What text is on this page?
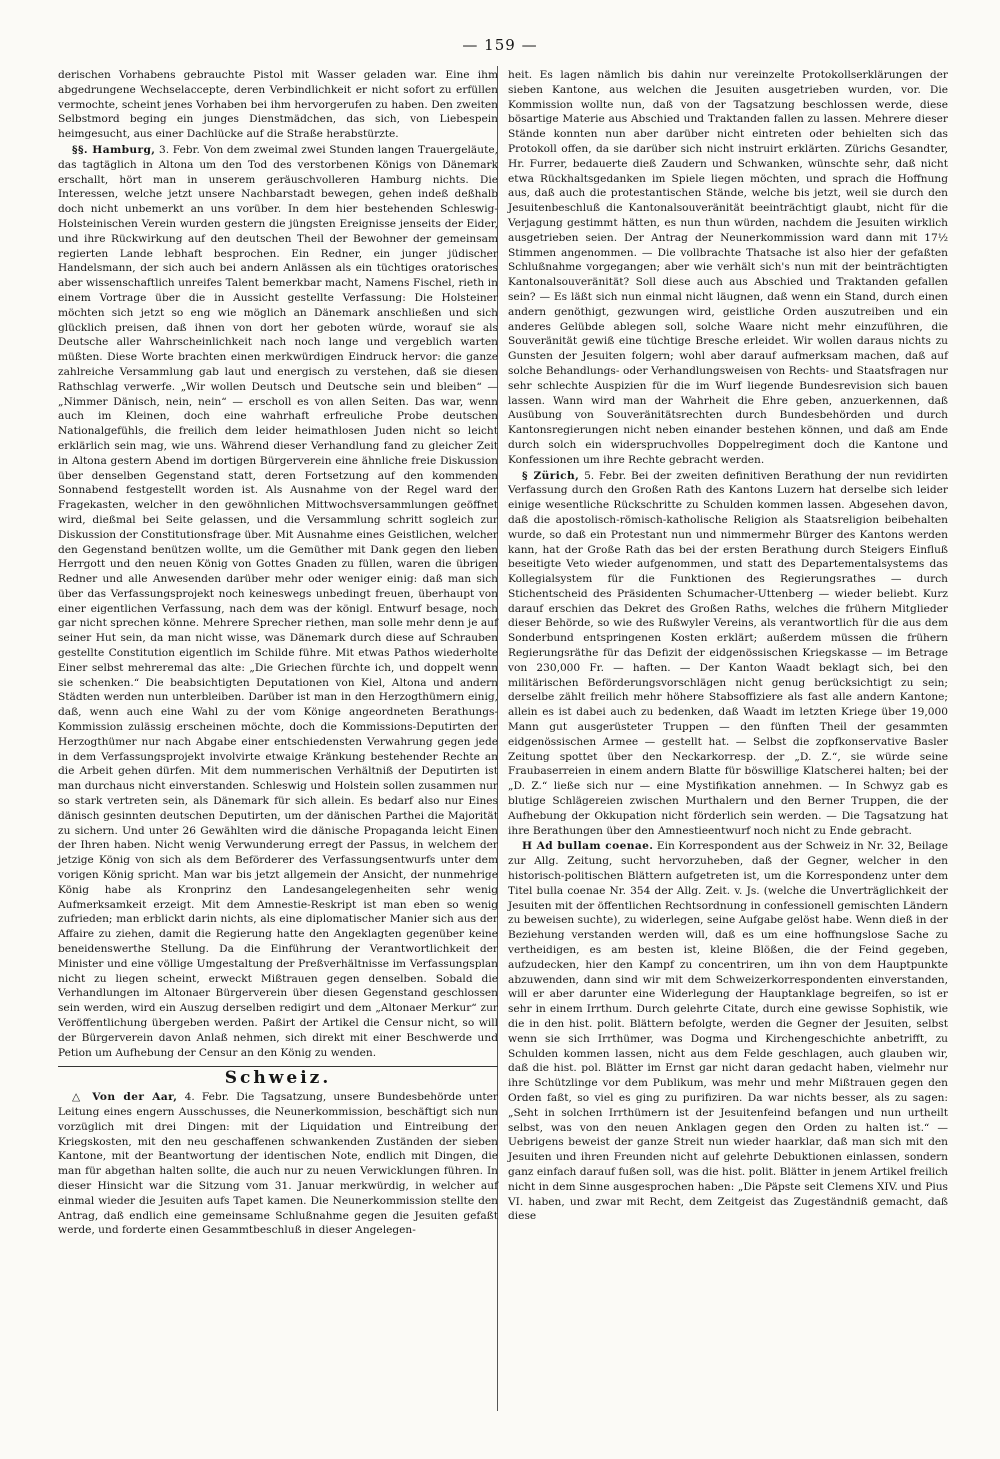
— 159 —

derischen Vorhabens gebrauchte Pistol mit Wasser geladen war. Eine ihm abgedrungene Wechselaccepte, deren Verbindlichkeit er nicht sofort zu erfüllen vermochte, scheint jenes Vorhaben bei ihm hervorgerufen zu haben. Den zweiten Selbstmord beging ein junges Dienstmädchen, das sich, von Liebespein heimgesucht, aus einer Dachlücke auf die Straße herabstürzte.

§§. Hamburg, 3. Febr. Von dem zweimal zwei Stunden langen Trauergeläute, das tagtäglich in Altona um den Tod des verstorbenen Königs von Dänemark erschallt, hört man in unserem geräuschvolleren Hamburg nichts. Die Interessen, welche jetzt unsere Nachbarstadt bewegen, gehen indeß deßhalb doch nicht unbemerkt an uns vorüber. In dem hier bestehenden Schleswig-Holsteinischen Verein wurden gestern die jüngsten Ereignisse jenseits der Eider, und ihre Rückwirkung auf den deutschen Theil der Bewohner der gemeinsam regierten Lande lebhaft besprochen. Ein Redner, ein junger jüdischer Handelsmann, der sich auch bei andern Anlässen als ein tüchtiges oratorisches aber wissenschaftlich unreifes Talent bemerkbar macht, Namens Fischel, rieth in einem Vortrage über die in Aussicht gestellte Verfassung: Die Holsteiner möchten sich jetzt so eng wie möglich an Dänemark anschließen und sich glücklich preisen, daß ihnen von dort her geboten würde, worauf sie als Deutsche aller Wahrscheinlichkeit nach noch lange und vergeblich warten müßten. Diese Worte brachten einen merkwürdigen Eindruck hervor: die ganze zahlreiche Versammlung gab laut und energisch zu verstehen, daß sie diesen Rathschlag verwerfe. „Wir wollen Deutsch und Deutsche sein und bleiben“ — „Nimmer Dänisch, nein, nein“ — erscholl es von allen Seiten. Das war, wenn auch im Kleinen, doch eine wahrhaft erfreuliche Probe deutschen Nationalgefühls, die freilich dem leider heimathlosen Juden nicht so leicht erklärlich sein mag, wie uns. Während dieser Verhandlung fand zu gleicher Zeit in Altona gestern Abend im dortigen Bürgerverein eine ähnliche freie Diskussion über denselben Gegenstand statt, deren Fortsetzung auf den kommenden Sonnabend festgestellt worden ist. Als Ausnahme von der Regel ward der Fragekasten, welcher in den gewöhnlichen Mittwochsversammlungen geöffnet wird, dießmal bei Seite gelassen, und die Versammlung schritt sogleich zur Diskussion der Constitutionsfrage über. Mit Ausnahme eines Geistlichen, welcher den Gegenstand benützen wollte, um die Gemüther mit Dank gegen den lieben Herrgott und den neuen König von Gottes Gnaden zu füllen, waren die übrigen Redner und alle Anwesenden darüber mehr oder weniger einig: daß man sich über das Verfassungsprojekt noch keineswegs unbedingt freuen, überhaupt von einer eigentlichen Verfassung, nach dem was der königl. Entwurf besage, noch gar nicht sprechen könne. Mehrere Sprecher riethen, man solle mehr denn je auf seiner Hut sein, da man nicht wisse, was Dänemark durch diese auf Schrauben gestellte Constitution eigentlich im Schilde führe. Mit etwas Pathos wiederholte Einer selbst mehreremal das alte: „Die Griechen fürchte ich, und doppelt wenn sie schenken.“ Die beabsichtigten Deputationen von Kiel, Altona und andern Städten werden nun unterbleiben. Darüber ist man in den Herzogthümern einig, daß, wenn auch eine Wahl zu der vom Könige angeordneten Berathungs-Kommission zulässig erscheinen möchte, doch die Kommissions-Deputirten der Herzogthümer nur nach Abgabe einer entschiedensten Verwahrung gegen jede in dem Verfassungsprojekt involvirte etwaige Kränkung bestehender Rechte an die Arbeit gehen dürfen. Mit dem nummerischen Verhältniß der Deputirten ist man durchaus nicht einverstanden. Schleswig und Holstein sollen zusammen nur so stark vertreten sein, als Dänemark für sich allein. Es bedarf also nur Eines dänisch gesinnten deutschen Deputirten, um der dänischen Parthei die Majorität zu sichern. Und unter 26 Gewählten wird die dänische Propaganda leicht Einen der Ihren haben. Nicht wenig Verwunderung erregt der Passus, in welchem der jetzige König von sich als dem Beförderer des Verfassungsentwurfs unter dem vorigen König spricht. Man war bis jetzt allgemein der Ansicht, der nunmehrige König habe als Kronprinz den Landesangelegenheiten sehr wenig Aufmerksamkeit erzeigt. Mit dem Amnestie-Reskript ist man eben so wenig zufrieden; man erblickt darin nichts, als eine diplomatischer Manier sich aus der Affaire zu ziehen, damit die Regierung hatte den Angeklagten gegenüber keine beneidenswerthe Stellung. Da die Einführung der Verantwortlichkeit der Minister und eine völlige Umgestaltung der Preßverhältnisse im Verfassungsplan nicht zu liegen scheint, erweckt Mißtrauen gegen denselben. Sobald die Verhandlungen im Altonaer Bürgerverein über diesen Gegenstand geschlossen sein werden, wird ein Auszug derselben redigirt und dem „Altonaer Merkur“ zur Veröffentlichung übergeben werden. Paßirt der Artikel die Censur nicht, so will der Bürgerverein davon Anlaß nehmen, sich direkt mit einer Beschwerde und Petion um Aufhebung der Censur an den König zu wenden.

Schweiz.

△ Von der Aar, 4. Febr. Die Tagsatzung, unsere Bundesbehörde unter Leitung eines engern Ausschusses, die Neunerkommission, beschäftigt sich nun vorzüglich mit drei Dingen: mit der Liquidation und Eintreibung der Kriegskosten, mit den neu geschaffenen schwankenden Zuständen der sieben Kantone, mit der Beantwortung der identischen Note, endlich mit Dingen, die man für abgethan halten sollte, die auch nur zu neuen Verwicklungen führen. In dieser Hinsicht war die Sitzung vom 31. Januar merkwürdig, in welcher auf einmal wieder die Jesuiten aufs Tapet kamen. Die Neunerkommission stellte den Antrag, daß endlich eine gemeinsame Schlußnahme gegen die Jesuiten gefaßt werde, und forderte einen Gesammtbeschluß in dieser Angelegen-

heit. Es lagen nämlich bis dahin nur vereinzelte Protokollserklärungen der sieben Kantone, aus welchen die Jesuiten ausgetrieben wurden, vor. Die Kommission wollte nun, daß von der Tagsatzung beschlossen werde, diese bösartige Materie aus Abschied und Traktanden fallen zu lassen. Mehrere dieser Stände konnten nun aber darüber nicht eintreten oder behielten sich das Protokoll offen, da sie darüber sich nicht instruirt erklärten. Zürichs Gesandter, Hr. Furrer, bedauerte dieß Zaudern und Schwanken, wünschte sehr, daß nicht etwa Rückhaltsgedanken im Spiele liegen möchten, und sprach die Hoffnung aus, daß auch die protestantischen Stände, welche bis jetzt, weil sie durch den Jesuitenbeschluß die Kantonalsouveränität beeinträchtigt glaubt, nicht für die Verjagung gestimmt hätten, es nun thun würden, nachdem die Jesuiten wirklich ausgetrieben seien. Der Antrag der Neunerkommission ward dann mit 17½ Stimmen angenommen. — Die vollbrachte Thatsache ist also hier der gefaßten Schlußnahme vorgegangen; aber wie verhält sich's nun mit der beinträchtigten Kantonalsouveränität? Soll diese auch aus Abschied und Traktanden gefallen sein? — Es läßt sich nun einmal nicht läugnen, daß wenn ein Stand, durch einen andern genöthigt, gezwungen wird, geistliche Orden auszutreiben und ein anderes Gelübde ablegen soll, solche Waare nicht mehr einzuführen, die Souveränität gewiß eine tüchtige Bresche erleidet. Wir wollen daraus nichts zu Gunsten der Jesuiten folgern; wohl aber darauf aufmerksam machen, daß auf solche Behandlungs- oder Verhandlungsweisen von Rechts- und Staatsfragen nur sehr schlechte Auspizien für die im Wurf liegende Bundesrevision sich bauen lassen. Wann wird man der Wahrheit die Ehre geben, anzuerkennen, daß Ausübung von Souveränitätsrechten durch Bundesbehörden und durch Kantonsregierungen nicht neben einander bestehen können, und daß am Ende durch solch ein widerspruchvolles Doppelregiment doch die Kantone und Konfessionen um ihre Rechte gebracht werden.

§ Zürich, 5. Febr. Bei der zweiten definitiven Berathung der nun revidirten Verfassung durch den Großen Rath des Kantons Luzern hat derselbe sich leider einige wesentliche Rückschritte zu Schulden kommen lassen. Abgesehen davon, daß die apostolisch-römisch-katholische Religion als Staatsreligion beibehalten wurde, so daß ein Protestant nun und nimmermehr Bürger des Kantons werden kann, hat der Große Rath das bei der ersten Berathung durch Steigers Einfluß beseitigte Veto wieder aufgenommen, und statt des Departementalsystems das Kollegialsystem für die Funktionen des Regierungsrathes — durch Stichentscheid des Präsidenten Schumacher-Uttenberg — wieder beliebt. Kurz darauf erschien das Dekret des Großen Raths, welches die frühern Mitglieder dieser Behörde, so wie des Rußwyler Vereins, als verantwortlich für die aus dem Sonderbund entspringenen Kosten erklärt; außerdem müssen die frühern Regierungsräthe für das Defizit der eidgenössischen Kriegskasse — im Betrage von 230,000 Fr. — haften. — Der Kanton Waadt beklagt sich, bei den militärischen Beförderungsvorschlägen nicht genug berücksichtigt zu sein; derselbe zählt freilich mehr höhere Stabsoffiziere als fast alle andern Kantone; allein es ist dabei auch zu bedenken, daß Waadt im letzten Kriege über 19,000 Mann gut ausgerüsteter Truppen — den fünften Theil der gesammten eidgenössischen Armee — gestellt hat. — Selbst die zopfkonservative Basler Zeitung spottet über den Neckarkorresp. der „D. Z.“, sie würde seine Fraubaserreien in einem andern Blatte für böswillige Klatscherei halten; bei der „D. Z.“ ließe sich nur — eine Mystifikation annehmen. — In Schwyz gab es blutige Schlägereien zwischen Murthalern und den Berner Truppen, die der Aufhebung der Okkupation nicht förderlich sein werden. — Die Tagsatzung hat ihre Berathungen über den Amnestieentwurf noch nicht zu Ende gebracht.

H Ad bullam coenae. Ein Korrespondent aus der Schweiz in Nr. 32, Beilage zur Allg. Zeitung, sucht hervorzuheben, daß der Gegner, welcher in den historisch-politischen Blättern aufgetreten ist, um die Korrespondenz unter dem Titel bulla coenae Nr. 354 der Allg. Zeit. v. Js. (welche die Unverträglichkeit der Jesuiten mit der öffentlichen Rechtsordnung in confessionell gemischten Ländern zu beweisen suchte), zu widerlegen, seine Aufgabe gelöst habe. Wenn dieß in der Beziehung verstanden werden will, daß es um eine hoffnungslose Sache zu vertheidigen, es am besten ist, kleine Blößen, die der Feind gegeben, aufzudecken, hier den Kampf zu concentriren, um ihn von dem Hauptpunkte abzuwenden, dann sind wir mit dem Schweizerkorrespondenten einverstanden, will er aber darunter eine Widerlegung der Hauptanklage begreifen, so ist er sehr in einem Irrthum. Durch gelehrte Citate, durch eine gewisse Sophistik, wie die in den hist. polit. Blättern befolgte, werden die Gegner der Jesuiten, selbst wenn sie sich Irrthümer, was Dogma und Kirchengeschichte anbetrifft, zu Schulden kommen lassen, nicht aus dem Felde geschlagen, auch glauben wir, daß die hist. pol. Blätter im Ernst gar nicht daran gedacht haben, vielmehr nur ihre Schützlinge vor dem Publikum, was mehr und mehr Mißtrauen gegen den Orden faßt, so viel es ging zu purifiziren. Da war nichts besser, als zu sagen: „Seht in solchen Irrthümern ist der Jesuitenfeind befangen und nun urtheilt selbst, was von den neuen Anklagen gegen den Orden zu halten ist.“ — Uebrigens beweist der ganze Streit nun wieder haarklar, daß man sich mit den Jesuiten und ihren Freunden nicht auf gelehrte Debuktionen einlassen, sondern ganz einfach darauf fußen soll, was die hist. polit. Blätter in jenem Artikel freilich nicht in dem Sinne ausgesprochen haben: „Die Päpste seit Clemens XIV. und Pius VI. haben, und zwar mit Recht, dem Zeitgeist das Zugeständniß gemacht, daß diese
